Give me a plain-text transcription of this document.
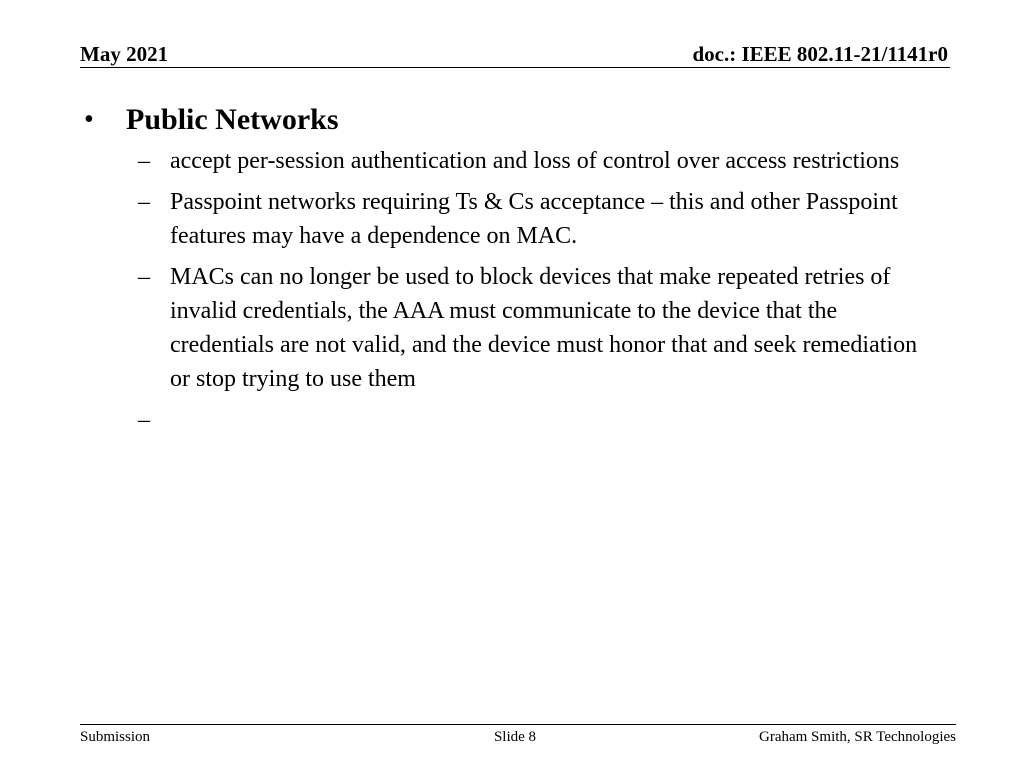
May 2021	doc.: IEEE 802.11-21/1141r0
•	Public Networks
– accept per-session authentication and loss of control over access restrictions
– Passpoint networks requiring Ts & Cs acceptance – this and other Passpoint features may have a dependence on MAC.
– MACs can no longer be used to block devices that make repeated retries of invalid credentials, the AAA must communicate to the device that the credentials are not valid, and the device must honor that and seek remediation or stop trying to use them
–
Submission	Slide 8	Graham Smith, SR Technologies
